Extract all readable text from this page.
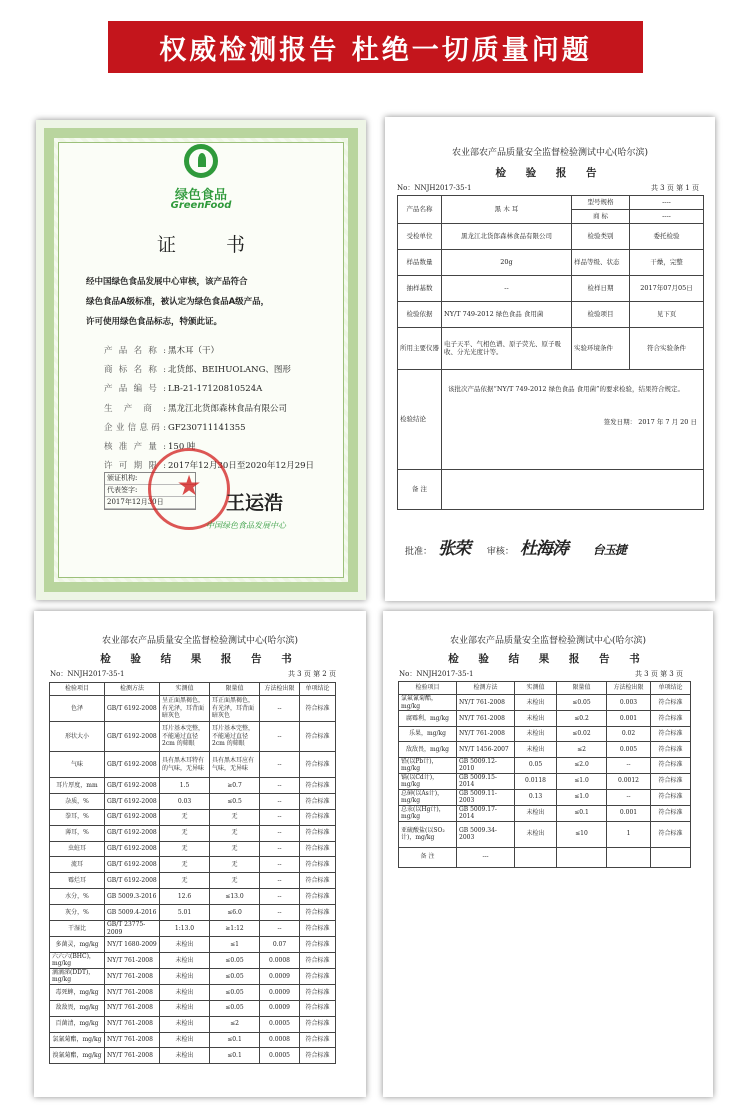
权威检测报告 杜绝一切质量问题
绿色食品
GreenFood
证 书
经中国绿色食品发展中心审核，该产品符合
绿色食品A级标准，被认定为绿色食品A级产品，
许可使用绿色食品标志，特颁此证。
产品名称: 黑木耳（干）
商标名称: 北货郎、BEIHUOLANG、图形
产品编号: LB-21-17120810524A
生产商: 黑龙江北货郎森林食品有限公司
企业信息码: GF230711141355
核准产量: 150 吨
许可期限: 2017年12月30日至2020年12月29日
颁证机构:
代表签字:
2017年12月30日 ★	王运浩
中国绿色食品发展中心
农业部农产品质量安全监督检验测试中心(哈尔滨)
检 验 报 告
No：NNJH2017-35-1	共 3 页 第 1 页
产品名称	黑 木 耳	型号规格	----
		商 标	----
受检单位	黑龙江北货郎森林食品有限公司	检验类别	委托检验
样品数量	20g	样品等级、状态	干燥，完整
抽样基数	--	检样日期	2017年07月05日
检验依据	NY/T 749-2012 绿色食品 食用菌	检验项目	见下页
所用主要仪器	电子天平、气相色谱、原子荧光、原子吸收、分光光度计等。	实验环境条件	符合实验条件
检验结论	该批次产品依据“NY/T 749-2012 绿色食品 食用菌”的要求检验，结果符合规定。
签发日期： 2017 年 7 月 20 日		

备 注			
批准： 张荣 审核： 杜海涛 台玉捷
农业部农产品质量安全监督检验测试中心(哈尔滨)
检 验 结 果 报 告 书
No：NNJH2017-35-1	共 3 页 第 2 页
检验项目	检测方法	实测值	限量值	方法检出限	单项结论
色泽	GB/T 6192-2008	呈正面黑褐色，有光泽，耳背面暗灰色	耳正面黑褐色，有光泽，耳背面暗灰色	--	符合标准
形状大小	GB/T 6192-2008	耳片基本完整，不能通过直径 2cm 的筛眼	耳片基本完整，不能通过直径 2cm 的筛眼	--	符合标准
气味	GB/T 6192-2008	具有黑木耳特有的气味，无异味	具有黑木耳应有气味，无异味	--	符合标准
耳片厚度，mm	GB/T 6192-2008	1.5	≥0.7	--	符合标准
杂质，%	GB/T 6192-2008	0.03	≤0.5	--	符合标准
拳耳，%	GB/T 6192-2008	无	无	--	符合标准
薄耳，%	GB/T 6192-2008	无	无	--	符合标准
虫蛀耳	GB/T 6192-2008	无	无	--	符合标准
流耳	GB/T 6192-2008	无	无	--	符合标准
霉烂耳	GB/T 6192-2008	无	无	--	符合标准
水分，%	GB 5009.3-2016	12.6	≤13.0	--	符合标准
灰分，%	GB 5009.4-2016	5.01	≤6.0	--	符合标准
干湿比	GB/T 23775-2009	1:13.0	≥1:12	--	符合标准
多菌灵，mg/kg	NY/T 1680-2009	未检出	≤1	0.07	符合标准
六六六(BHC)，mg/kg	NY/T 761-2008	未检出	≤0.05	0.0008	符合标准
滴滴涕(DDT)，mg/kg	NY/T 761-2008	未检出	≤0.05	0.0009	符合标准
毒死蜱，mg/kg	NY/T 761-2008	未检出	≤0.05	0.0009	符合标准
敌敌畏，mg/kg	NY/T 761-2008	未检出	≤0.05	0.0009	符合标准
百菌清，mg/kg	NY/T 761-2008	未检出	≤2	0.0005	符合标准
氯氰菊酯，mg/kg	NY/T 761-2008	未检出	≤0.1	0.0008	符合标准
溴氰菊酯，mg/kg	NY/T 761-2008	未检出	≤0.1	0.0005	符合标准
农业部农产品质量安全监督检验测试中心(哈尔滨)
检 验 结 果 报 告 书
No：NNJH2017-35-1	共 3 页 第 3 页
检验项目	检测方法	实测值	限量值	方法检出限	单项结论
氯氟氰菊酯，mg/kg	NY/T 761-2008	未检出	≤0.05	0.003	符合标准
腐霉利，mg/kg	NY/T 761-2008	未检出	≤0.2	0.001	符合标准
乐果，mg/kg	NY/T 761-2008	未检出	≤0.02	0.02	符合标准
敌敌畏，mg/kg	NY/T 1456-2007	未检出	≤2	0.005	符合标准
铅(以Pb计)，mg/kg	GB 5009.12-2010	0.05	≤2.0	--	符合标准
镉(以Cd计)，mg/kg	GB 5009.15-2014	0.0118	≤1.0	0.0012	符合标准
总砷(以As计)，mg/kg	GB 5009.11-2003	0.13	≤1.0	--	符合标准
总汞(以Hg计)，mg/kg	GB 5009.17-2014	未检出	≤0.1	0.001	符合标准
亚硫酸盐(以SO₂计)，mg/kg	GB 5009.34-2003	未检出	≤10	1	符合标准
备 注	---				
